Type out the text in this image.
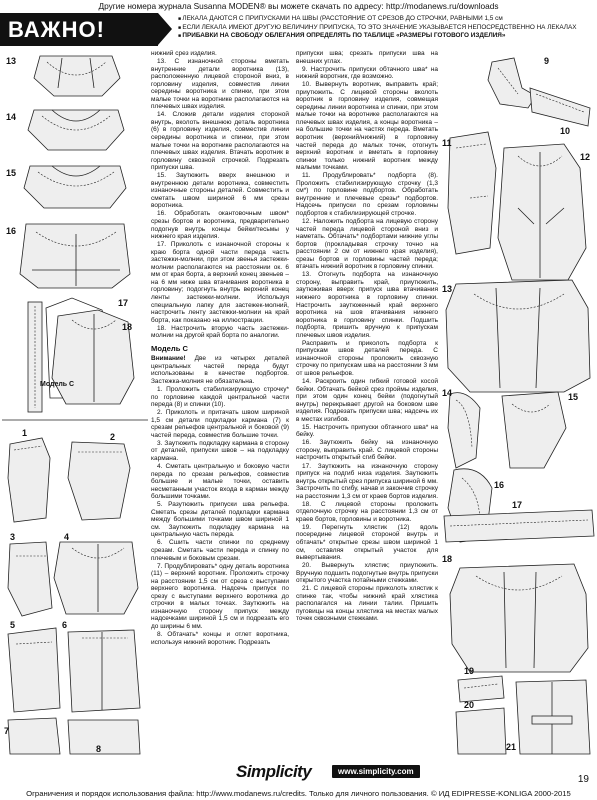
Другие номера журнала Susanna MODEN® вы можете скачать по адресу: http://modanews.ru/downloads
ВАЖНО!	■ ЛЕКАЛА ДАЮТСЯ С ПРИПУСКАМИ НА ШВЫ (РАССТОЯНИЕ ОТ СРЕЗОВ ДО СТРОЧКИ, РАВНЫМИ 1,5 см
■ ЕСЛИ ЛЕКАЛА ИМЕЮТ ДРУГУЮ ВЕЛИЧИНУ ПРИПУСКА, ТО ЭТО ЗНАЧЕНИЕ УКАЗЫВАЕТСЯ НЕПОСРЕДСТВЕННО НА ЛЕКАЛАХ
■ ПРИБАВКИ НА СВОБОДУ ОБЛЕГАНИЯ ОПРЕДЕЛЯТЬ ПО ТАБЛИЦЕ «РАЗМЕРЫ ГОТОВОГО ИЗДЕЛИЯ»
13
14
15
16
17
18
1	2
3	4
5	6
7
8
Модель С

нижний срез изделия.

13. С изнаночной стороны вметать внутренние детали воротника (13), расположенную лицевой стороной вниз, в горловину изделия, совместив линии середины воротника и спинки, при этом малые точки на воротнике располагаются на плечевых швах изделия.

14. Сложив детали изделия стороной внутрь, вколоть внешнюю деталь воротника (6) в горловину изделия, совместив линии середины воротника и спинки, при этом малые точки на воротнике располагаются на плечевых швах изделия. Втачать воротник в горловину сквозной строчкой. Подрезать припуски шва.

15. Заутюжить вверх внешнюю и внутреннюю детали воротника, совместить изнаночные стороны деталей. Совместить и сметать швом шириной 6 мм срезы воротника.

16. Обработать окантовочным швом* срезы бортов и воротника, предварительно подогнув внутрь концы бейки/тесьмы у нижнего края изделия.

17. Приколоть с изнаночной стороны к краю борта одной части переда часть застежки-молнии, при этом звенья застежки-молнии располагаются на расстоянии ок. 6 мм от края борта, а верхний конец звеньев – на 6 мм ниже шва втачивания воротника в горловину; подогнуть внутрь верхний конец ленты застежки-молнии. Используя специальную лапку для застежек-молний, настрочить ленту застежки-молнии на край борта, как показано на иллюстрации.

18. Настрочить вторую часть застежки-молнии на другой край борта по аналогии.

Модель С

Внимание! Две из четырех деталей центральных частей переда будут использованы в качестве подбортов. Застежка-молния не обязательна.

1. Проложить стабилизирующую строчку* по горловине каждой центральной части переда (8) и спинки (10).

2. Приколоть и притачать швом шириной 1,5 см детали подкладки кармана (7) к срезам рельефов центральной и боковой (9) частей переда, совместив большие точки.

3. Заутюжить подкладку кармана в сторону от деталей, припуски швов – на подкладку кармана.

4. Сметать центральную и боковую части переда по срезам рельефов, совместив большие и малые точки, оставить несметанным участок входа в карман между большими точками.

5. Разутюжить припуски шва рельефа. Сметать срезы деталей подкладки кармана между большими точками швом шириной 1 см. Заутюжить подкладку кармана на центральную часть переда.

6. Сшить части спинки по среднему срезам. Сметать части переда и спинку по плечевым и боковым срезам.

7. Продублировать* одну деталь воротника (11) – верхний воротник. Проложить строчку на расстоянии 1,5 см от среза с выступами верхнего воротника. Надсечь припуск по срезу с выступами верхнего воротника до строчки в малых точках. Заутюжить на изнаночную сторону припуск между надсечками шириной 1,5 см и подрезать его до ширины 6 мм.

8. Обтачать* концы и отлет воротника, используя нижний воротник. Подрезать

припуски шва; срезать припуски шва на внешних углах.

9. Настрочить припуски обтачного шва* на нижний воротник, где возможно.

10. Вывернуть воротник, выправить край; приутюжить. С лицевой стороны вколоть воротник в горловину изделия, совмещая середины линии воротника и спинки, при этом малые точки на воротнике располагаются на плечевых швах изделия, а концы воротника – на большие точки на частях переда. Вметать воротник (верхний/нижний) в горловину частей переда до малых точек, отогнуть верхний воротник и вметать в горловину спинки только нижний воротник между малыми точками.

11. Продублировать* подборта (8). Проложить стабилизирующую строчку (1,3 см*) по горловине подбортов. Обработать внутренние и плечевые срезы* подбортов. Надсечь припуски по срезам горловины подбортов к стабилизирующей строчке.

12. Наложить подборта на лицевую сторону частей переда лицевой стороной вниз и наметать. Обтачать* подбортами нижние углы бортов (прокладывая строчку точно на расстоянии 2 см от нижнего края изделия), срезы бортов и горловины частей переда; втачать нижний воротник в горловину спинки.

13. Отогнуть подборта на изнаночную сторону, выправить край, приутюжить, заутюживая вверх припуск шва втачивания нижнего воротника в горловину спинки. Настрочить заутюженный край верхнего воротника на шов втачивания нижнего воротника в горловину спинки. Подшить подборта, пришить вручную к припускам плечевых швов изделия.

Расправить и приколоть подборта к припускам швов деталей переда. С изнаночной стороны проложить сквозную строчку по припускам шва на расстоянии 3 мм от швов рельефов.

14. Раскроить один гибкий готовой косой бейки. Обтачать бейкой срез проймы изделия, при этом один конец бейки (подогнутый внутрь) перекрывает другой на боковом шве изделия. Подрезать припуски шва; надсечь их в местах изгибов.

15. Настрочить припуски обтачного шва* на бейку.

16. Заутюжить бейку на изнаночную сторону, выправить край. С лицевой стороны настрочить открытый сгиб бейки.

17. Заутюжить на изнаночную сторону припуск на подгиб низа изделия. Заутюжить внутрь открытый срез припуска шириной 6 мм. Застрочить по сгибу, начав и закончив строчку на расстоянии 1,3 см от краев бортов изделия.

18. С лицевой стороны проложить отделочную строчку на расстоянии 1,3 см от краев бортов, горловины и воротника.

19. Перегнуть хлястик (12) вдоль посередине лицевой стороной внутрь и обтачать* открытые срезы швом шириной 1 см, оставляя открытый участок для вывертывания.

20. Вывернуть хлястик; приутюжить. Вручную подшить подогнутые внутрь припуски открытого участка потайными стежками.

21. С лицевой стороны приколоть хлястик к спинке так, чтобы нижний край хлястика располагался на линии талии. Пришить пуговицы на концы хлястика на местах малых точек сквозными стежками.

9
10
11
12
13
14	15
16
17
18
19
20
21
Simplicity	www.simplicity.com
19
Ограничения и порядок использования файла: http://www.modanews.ru/credits. Только для личного пользования. © ИД EDIPRESSE-KONLIGA 2000-2015
